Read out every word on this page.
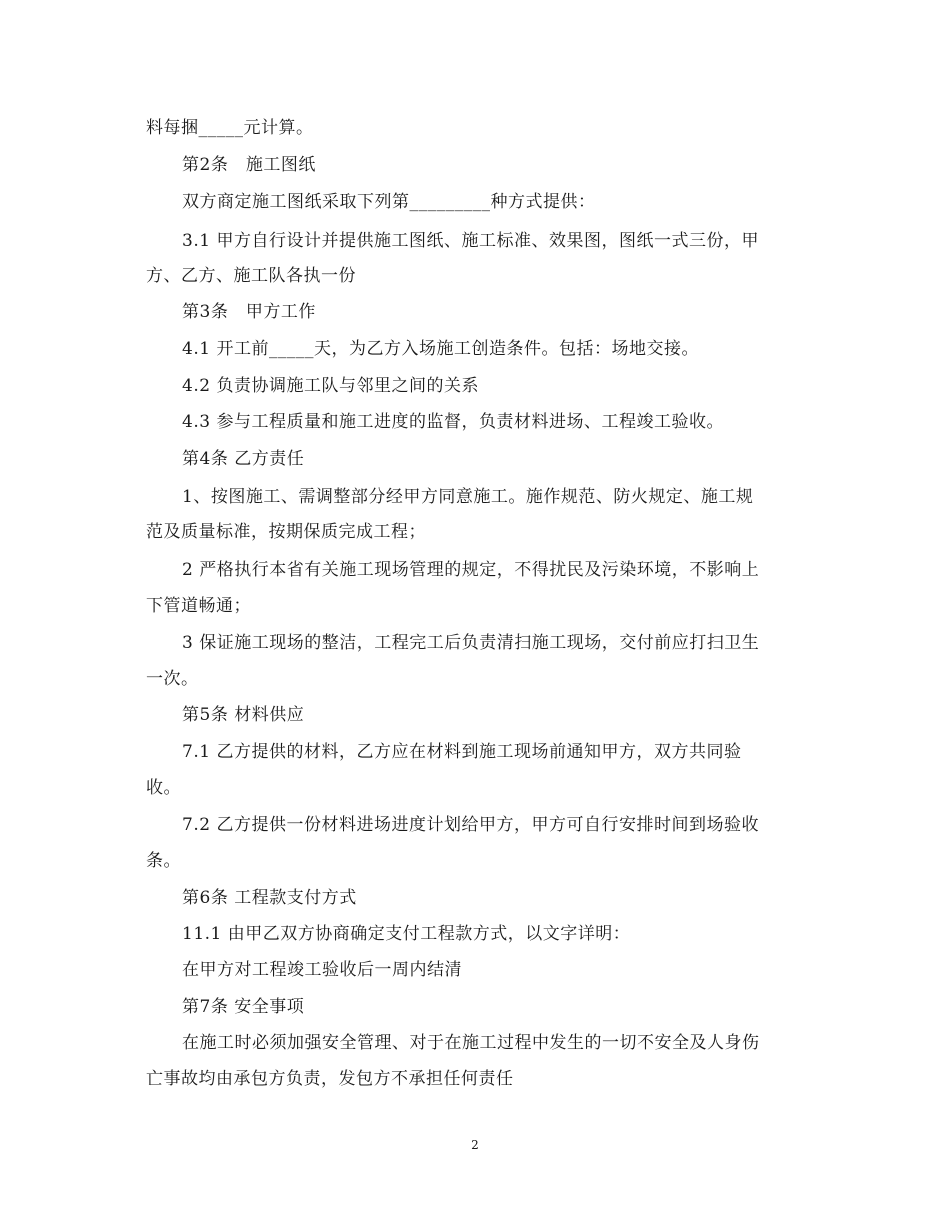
料每捆_____元计算。
第2条　施工图纸
双方商定施工图纸采取下列第_________种方式提供：
3.1 甲方自行设计并提供施工图纸、施工标准、效果图，图纸一式三份，甲
方、乙方、施工队各执一份
第3条　甲方工作
4.1 开工前_____天，为乙方入场施工创造条件。包括：场地交接。
4.2 负责协调施工队与邻里之间的关系
4.3 参与工程质量和施工进度的监督，负责材料进场、工程竣工验收。
第4条 乙方责任
1、按图施工、需调整部分经甲方同意施工。施作规范、防火规定、施工规
范及质量标准，按期保质完成工程；
2 严格执行本省有关施工现场管理的规定，不得扰民及污染环境，不影响上
下管道畅通；
3 保证施工现场的整洁，工程完工后负责清扫施工现场，交付前应打扫卫生
一次。
第5条 材料供应
7.1 乙方提供的材料，乙方应在材料到施工现场前通知甲方，双方共同验
收。
7.2 乙方提供一份材料进场进度计划给甲方，甲方可自行安排时间到场验收
条。
第6条 工程款支付方式
11.1 由甲乙双方协商确定支付工程款方式，以文字详明：
在甲方对工程竣工验收后一周内结清
第7条 安全事项
在施工时必须加强安全管理、对于在施工过程中发生的一切不安全及人身伤
亡事故均由承包方负责，发包方不承担任何责任
2
